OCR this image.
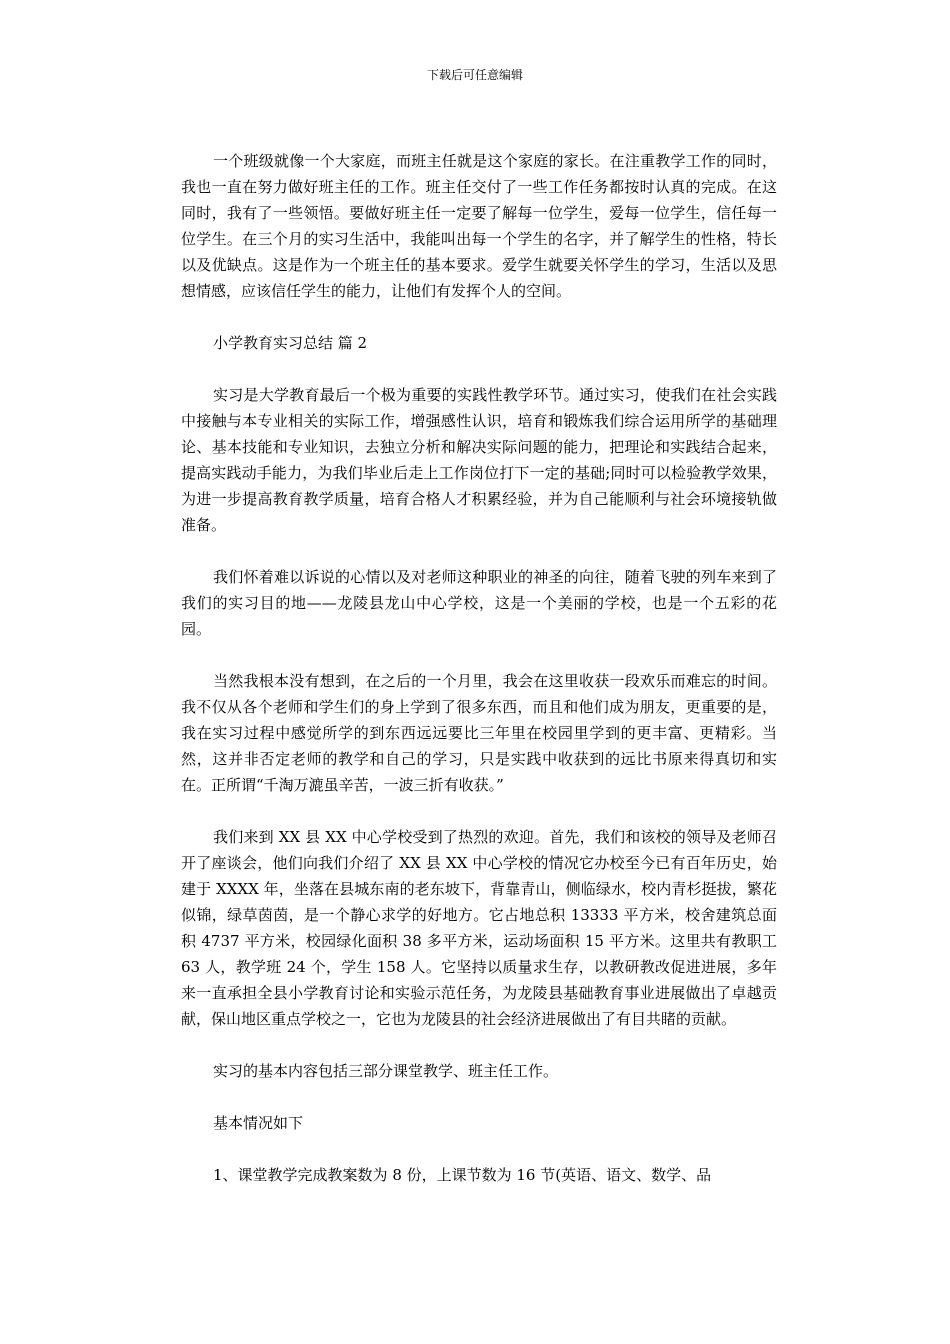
下载后可任意编辑

一个班级就像一个大家庭，而班主任就是这个家庭的家长。在注重教学工作的同时，我也一直在努力做好班主任的工作。班主任交付了一些工作任务都按时认真的完成。在这同时，我有了一些领悟。要做好班主任一定要了解每一位学生，爱每一位学生，信任每一位学生。在三个月的实习生活中，我能叫出每一个学生的名字，并了解学生的性格，特长以及优缺点。这是作为一个班主任的基本要求。爱学生就要关怀学生的学习，生活以及思想情感，应该信任学生的能力，让他们有发挥个人的空间。

小学教育实习总结 篇 2

实习是大学教育最后一个极为重要的实践性教学环节。通过实习，使我们在社会实践中接触与本专业相关的实际工作，增强感性认识，培育和锻炼我们综合运用所学的基础理论、基本技能和专业知识，去独立分析和解决实际问题的能力，把理论和实践结合起来，提高实践动手能力，为我们毕业后走上工作岗位打下一定的基础;同时可以检验教学效果，为进一步提高教育教学质量，培育合格人才积累经验，并为自己能顺利与社会环境接轨做准备。

我们怀着难以诉说的心情以及对老师这种职业的神圣的向往，随着飞驶的列车来到了我们的实习目的地——龙陵县龙山中心学校，这是一个美丽的学校，也是一个五彩的花园。

当然我根本没有想到，在之后的一个月里，我会在这里收获一段欢乐而难忘的时间。我不仅从各个老师和学生们的身上学到了很多东西，而且和他们成为朋友，更重要的是，我在实习过程中感觉所学的到东西远远要比三年里在校园里学到的更丰富、更精彩。当然，这并非否定老师的教学和自己的学习，只是实践中收获到的远比书原来得真切和实在。正所谓“千淘万漉虽辛苦，一波三折有收获。”

我们来到 XX 县 XX 中心学校受到了热烈的欢迎。首先，我们和该校的领导及老师召开了座谈会，他们向我们介绍了 XX 县 XX 中心学校的情况它办校至今已有百年历史，始建于 XXXX 年，坐落在县城东南的老东坡下，背靠青山，侧临绿水，校内青杉挺拔，繁花似锦，绿草茵茵，是一个静心求学的好地方。它占地总积 13333 平方米，校舍建筑总面积 4737 平方米，校园绿化面积 38 多平方米，运动场面积 15 平方米。这里共有教职工 63 人，教学班 24 个，学生 158 人。它坚持以质量求生存，以教研教改促进进展，多年来一直承担全县小学教育讨论和实验示范任务，为龙陵县基础教育事业进展做出了卓越贡献，保山地区重点学校之一，它也为龙陵县的社会经济进展做出了有目共睹的贡献。

实习的基本内容包括三部分课堂教学、班主任工作。

基本情况如下

1、课堂教学完成教案数为 8 份，上课节数为 16 节(英语、语文、数学、品
